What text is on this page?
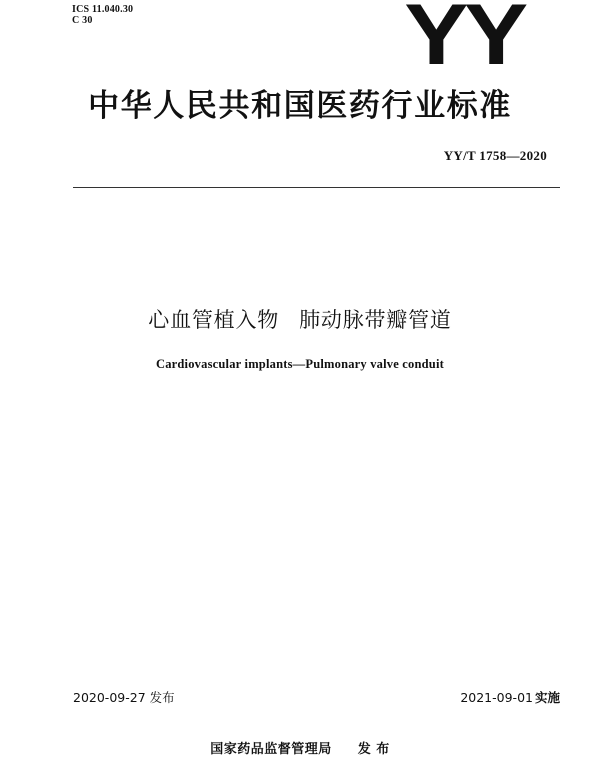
ICS 11.040.30
C 30	YY
中华人民共和国医药行业标准
YY/T 1758—2020
心血管植入物 肺动脉带瓣管道
Cardiovascular implants—Pulmonary valve conduit
2020-09-27 发布	2021-09-01 实施
国家药品监督管理局 发 布
